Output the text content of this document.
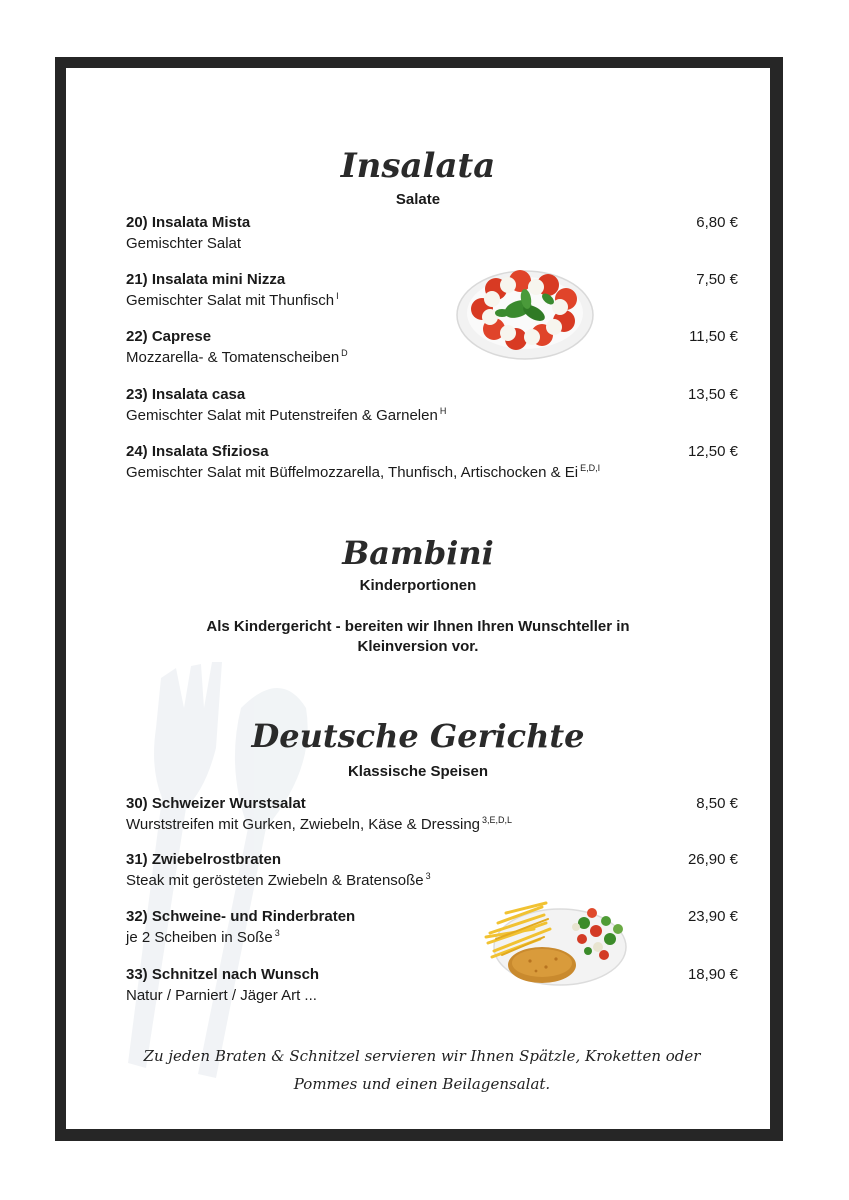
Insalata

Salate

20) Insalata Mista
Gemischter Salat
6,80 €
21) Insalata mini Nizza
Gemischter Salat mit Thunfisch $^I$
7,50 €
22) Caprese
Mozzarella- & Tomatenscheiben $^D$
11,50 €
23) Insalata casa
Gemischter Salat mit Putenstreifen & Garnelen $^H$
13,50 €
24) Insalata Sfiziosa
Gemischter Salat mit Büffelmozzarella, Thunfisch, Artischocken & Ei $^{E,D,I}$
12,50 €
Bambini

Kinderportionen

Als Kindergericht - bereiten wir Ihnen Ihren Wunschteller in
Kleinversion vor.

Deutsche Gerichte

Klassische Speisen

30) Schweizer Wurstsalat
Wurststreifen mit Gurken, Zwiebeln, Käse & Dressing $^{3,E,D,L}$
8,50 €
31) Zwiebelrostbraten
Steak mit gerösteten Zwiebeln & Bratensoße $^3$
26,90 €
32) Schweine- und Rinderbraten
je 2 Scheiben in Soße $^3$
23,90 €
33) Schnitzel nach Wunsch
Natur / Parniert / Jäger Art ...
18,90 €

Zu jeden Braten & Schnitzel servieren wir Ihnen Spätzle, Kroketten oder
Pommes und einen Beilagensalat.
